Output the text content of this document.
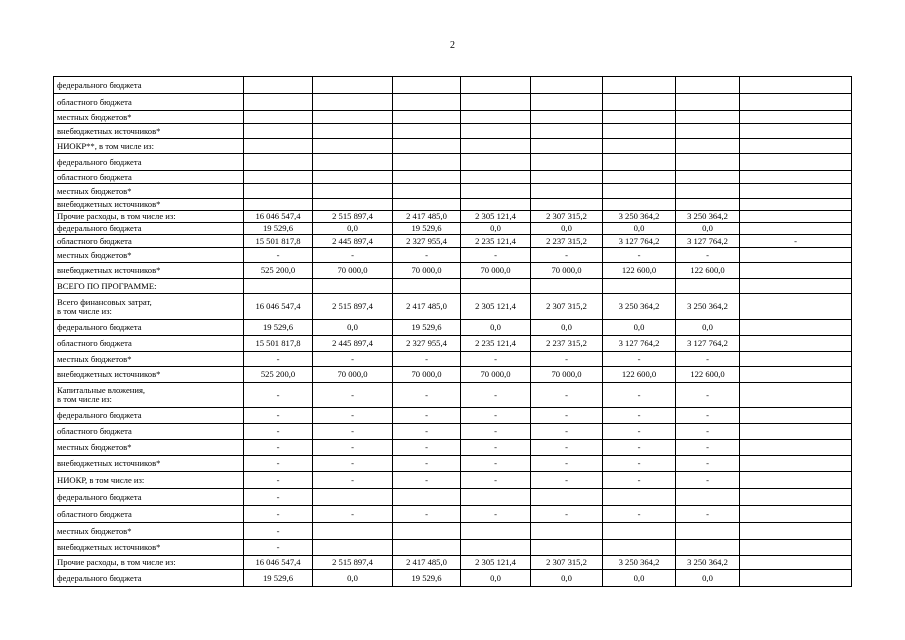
2
федерального бюджета								
областного бюджета								
местных бюджетов*								
внебюджетных источников*								
НИОКР**, в том числе из:								
федерального бюджета								
областного бюджета								
местных бюджетов*								
внебюджетных источников*								
Прочие расходы, в том числе из:	16 046 547,4	2 515 897,4	2 417 485,0	2 305 121,4	2 307 315,2	3 250 364,2	3 250 364,2	
федерального бюджета	19 529,6	0,0	19 529,6	0,0	0,0	0,0	0,0	
областного бюджета	15 501 817,8	2 445 897,4	2 327 955,4	2 235 121,4	2 237 315,2	3 127 764,2	3 127 764,2	-
местных бюджетов*	-	-	-	-	-	-	-	
внебюджетных источников*	525 200,0	70 000,0	70 000,0	70 000,0	70 000,0	122 600,0	122 600,0	
ВСЕГО ПО ПРОГРАММЕ:								
Всего финансовых затрат,
в том числе из:	16 046 547,4	2 515 897,4	2 417 485,0	2 305 121,4	2 307 315,2	3 250 364,2	3 250 364,2	
федерального бюджета	19 529,6	0,0	19 529,6	0,0	0,0	0,0	0,0	
областного бюджета	15 501 817,8	2 445 897,4	2 327 955,4	2 235 121,4	2 237 315,2	3 127 764,2	3 127 764,2	
местных бюджетов*	-	-	-	-	-	-	-	
внебюджетных источников*	525 200,0	70 000,0	70 000,0	70 000,0	70 000,0	122 600,0	122 600,0	
Капитальные вложения,
в том числе из:	-	-	-	-	-	-	-	
федерального бюджета	-	-	-	-	-	-	-	
областного бюджета	-	-	-	-	-	-	-	
местных бюджетов*	-	-	-	-	-	-	-	
внебюджетных источников*	-	-	-	-	-	-	-	
НИОКР, в том числе из:	-	-	-	-	-	-	-	
федерального бюджета	-							
областного бюджета	-	-	-	-	-	-	-	
местных бюджетов*	-							
внебюджетных источников*	-							
Прочие расходы, в том числе из:	16 046 547,4	2 515 897,4	2 417 485,0	2 305 121,4	2 307 315,2	3 250 364,2	3 250 364,2	
федерального бюджета	19 529,6	0,0	19 529,6	0,0	0,0	0,0	0,0	
